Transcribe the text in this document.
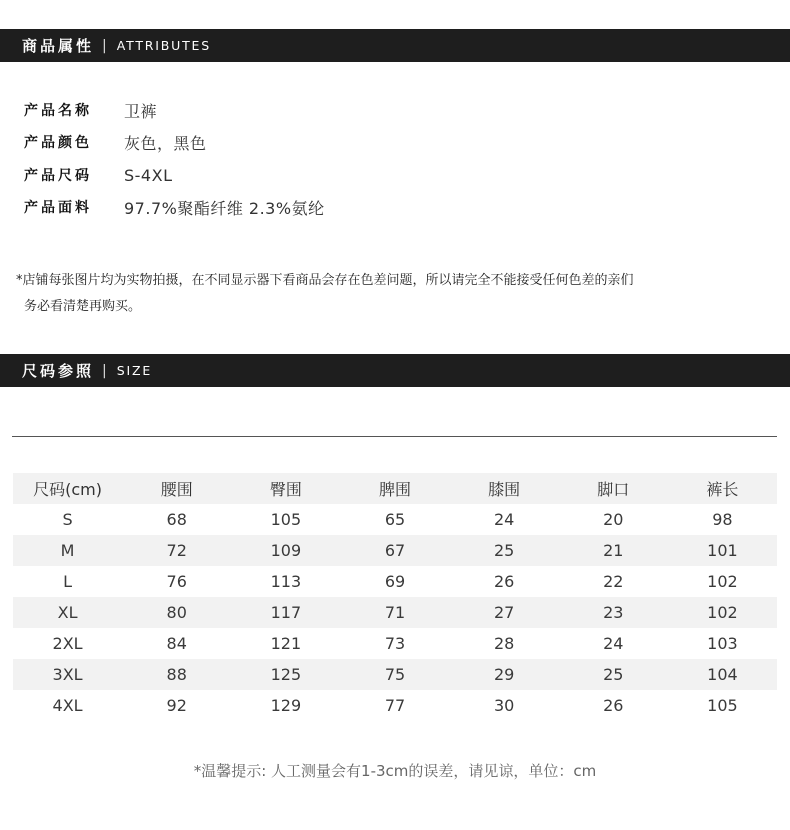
商品属性 | ATTRIBUTES
产品名称	卫裤
产品颜色	灰色，黑色
产品尺码	S-4XL
产品面料	97.7%聚酯纤维 2.3%氨纶
*店铺每张图片均为实物拍摄，在不同显示器下看商品会存在色差问题，所以请完全不能接受任何色差的亲们
务必看清楚再购买。
尺码参照 | SIZE
尺码(cm)	腰围	臀围	脾围	膝围	脚口	裤长
S	68	105	65	24	20	98
M	72	109	67	25	21	101
L	76	113	69	26	22	102
XL	80	117	71	27	23	102
2XL	84	121	73	28	24	103
3XL	88	125	75	29	25	104
4XL	92	129	77	30	26	105
*温馨提示: 人工测量会有1-3cm的误差，请见谅，单位：cm
